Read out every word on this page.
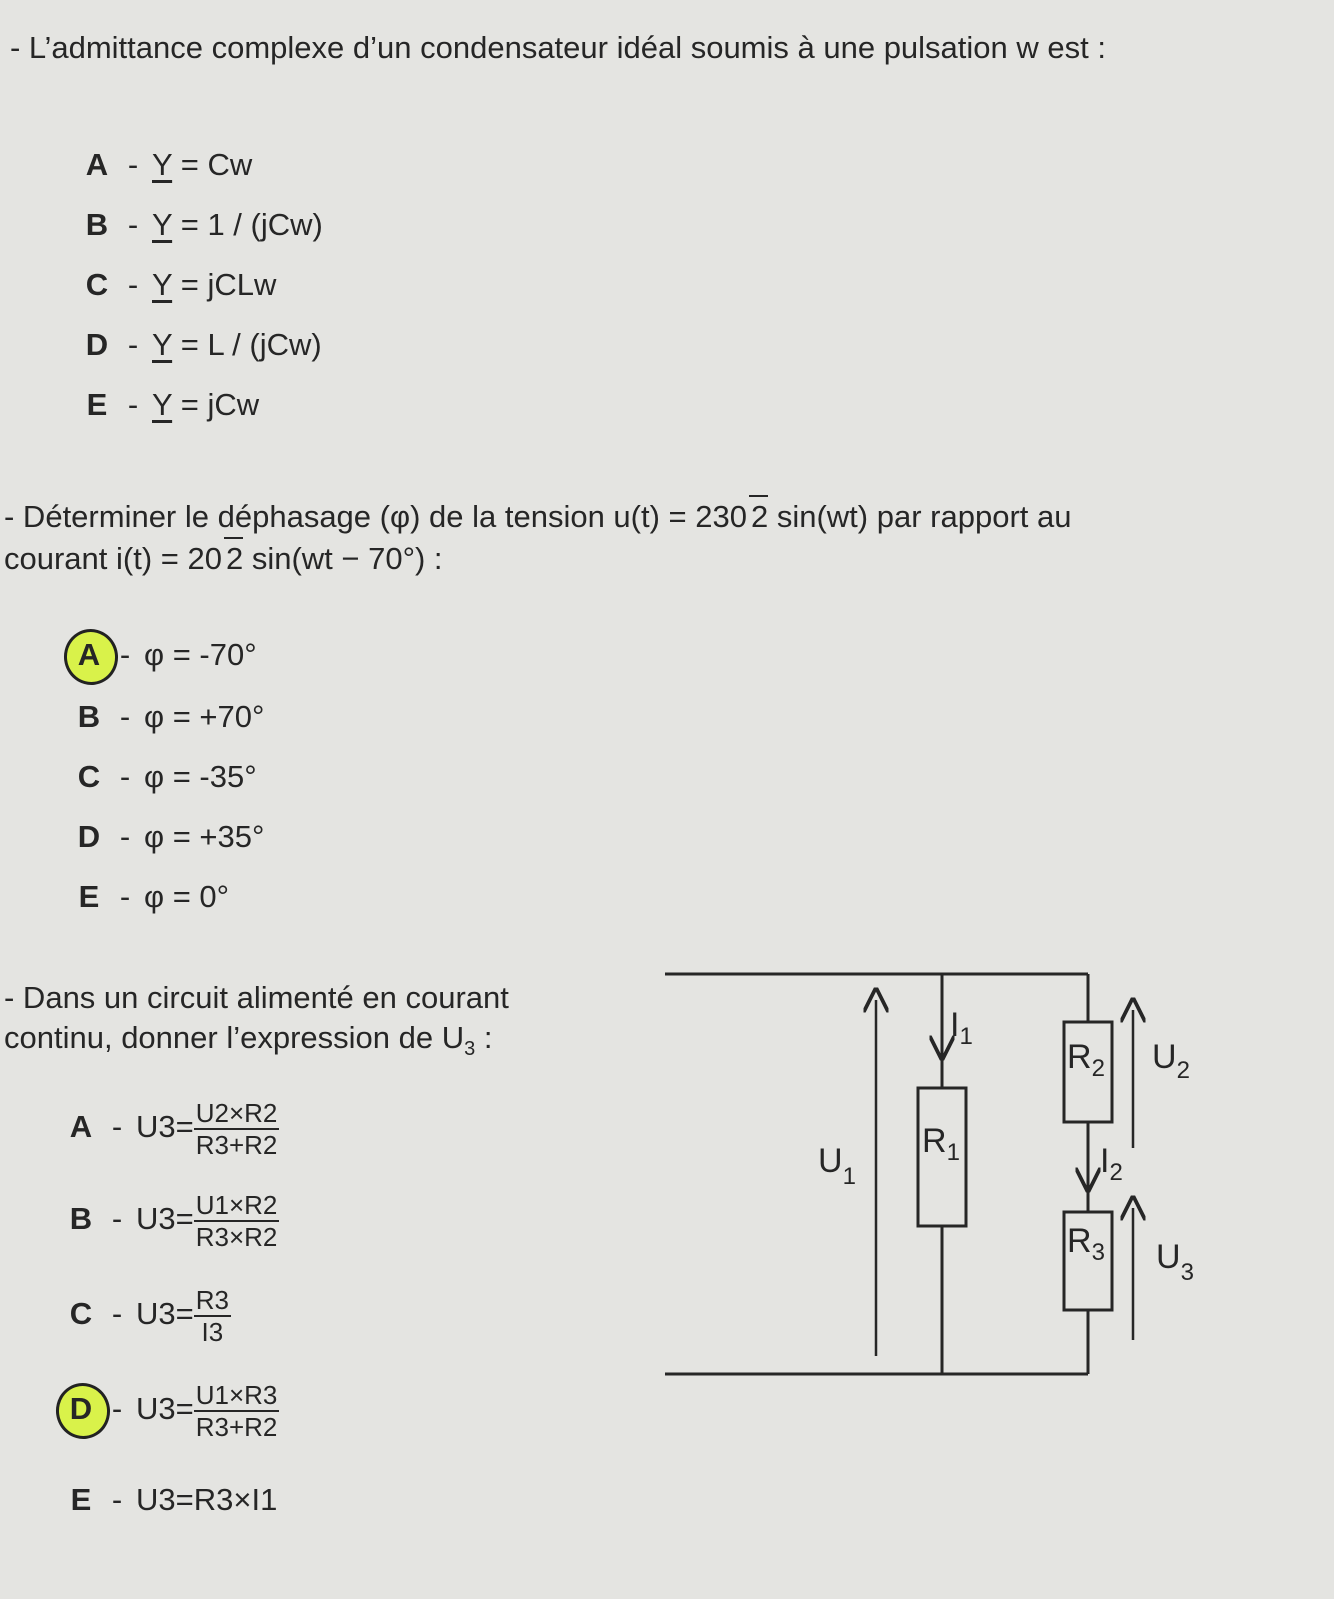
- L’admittance complexe d’un condensateur idéal soumis à une pulsation w est :
A - Y = Cw
B - Y = 1 / (jCw)
C - Y = jCLw
D - Y = L / (jCw)
E - Y = jCw
- Déterminer le déphasage (φ) de la tension u(t) = 230 2 sin(wt) par rapport au
courant i(t) = 20 2 sin(wt − 70°) :
A - φ = -70°
B - φ = +70°
C - φ = -35°
D - φ = +35°
E - φ = 0°
- Dans un circuit alimenté en courant
continu, donner l’expression de $U_3$ :
$A - U3= \frac{U2\times R2}{R3+R2}$
$B - U3= \frac{U1\times R2}{R3\times R2}$
$C - U3= \frac{R3}{I3}$
$D - U3= \frac{U1\times R3}{R3+R2}$
E - U3=R3×I1
$R_1$
$R_2$
$R_3$
$U_1$
$U_2$
$U_3$
$I_1$
$I_2$
